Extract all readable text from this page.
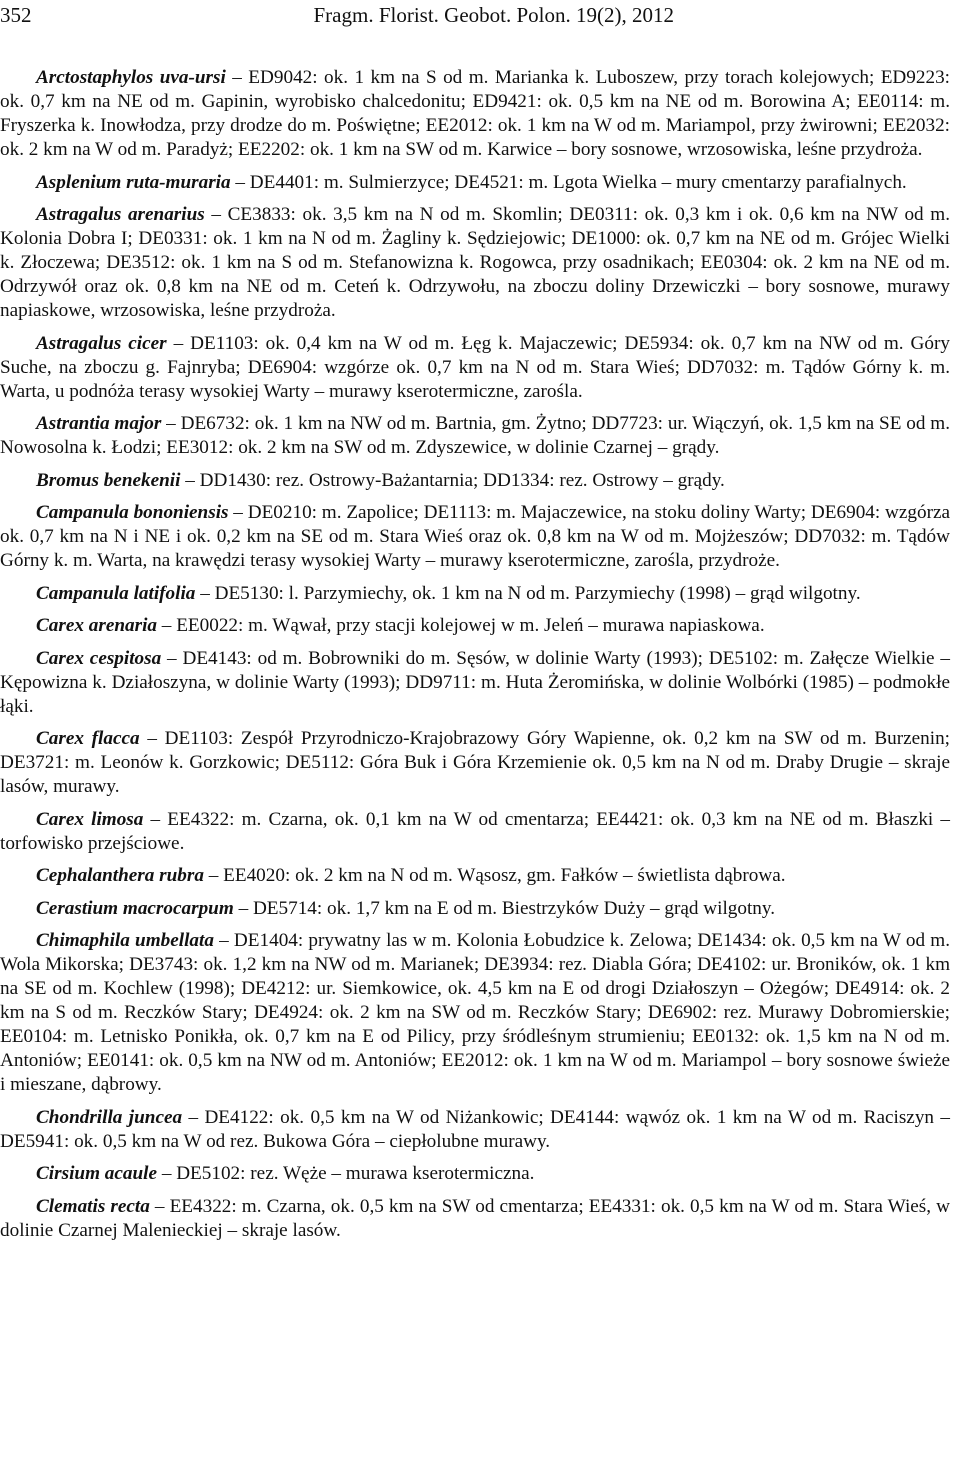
352	Fragm. Florist. Geobot. Polon. 19(2), 2012

Arctostaphylos uva-ursi – ED9042: ok. 1 km na S od m. Marianka k. Luboszew, przy torach kolejowych; ED9223: ok. 0,7 km na NE od m. Gapinin, wyrobisko chalcedonitu; ED9421: ok. 0,5 km na NE od m. Borowina A; EE0114: m. Fryszerka k. Inowłodza, przy drodze do m. Poświętne; EE2012: ok. 1 km na W od m. Mariampol, przy żwirowni; EE2032: ok. 2 km na W od m. Paradyż; EE2202: ok. 1 km na SW od m. Karwice – bory sosnowe, wrzosowiska, leśne przydroża.

Asplenium ruta-muraria – DE4401: m. Sulmierzyce; DE4521: m. Lgota Wielka – mury cmentarzy parafialnych.

Astragalus arenarius – CE3833: ok. 3,5 km na N od m. Skomlin; DE0311: ok. 0,3 km i ok. 0,6 km na NW od m. Kolonia Dobra I; DE0331: ok. 1 km na N od m. Żagliny k. Sędziejowic; DE1000: ok. 0,7 km na NE od m. Grójec Wielki k. Złoczewa; DE3512: ok. 1 km na S od m. Stefanowizna k. Rogowca, przy osadnikach; EE0304: ok. 2 km na NE od m. Odrzywół oraz ok. 0,8 km na NE od m. Ceteń k. Odrzywołu, na zboczu doliny Drzewiczki – bory sosnowe, murawy napiaskowe, wrzosowiska, leśne przydroża.

Astragalus cicer – DE1103: ok. 0,4 km na W od m. Łęg k. Majaczewic; DE5934: ok. 0,7 km na NW od m. Góry Suche, na zboczu g. Fajnryba; DE6904: wzgórze ok. 0,7 km na N od m. Stara Wieś; DD7032: m. Tądów Górny k. m. Warta, u podnóża terasy wysokiej Warty – murawy kserotermiczne, zarośla.

Astrantia major – DE6732: ok. 1 km na NW od m. Bartnia, gm. Żytno; DD7723: ur. Wiączyń, ok. 1,5 km na SE od m. Nowosolna k. Łodzi; EE3012: ok. 2 km na SW od m. Zdyszewice, w dolinie Czarnej – grądy.

Bromus benekenii – DD1430: rez. Ostrowy-Bażantarnia; DD1334: rez. Ostrowy – grądy.

Campanula bononiensis – DE0210: m. Zapolice; DE1113: m. Majaczewice, na stoku doliny Warty; DE6904: wzgórza ok. 0,7 km na N i NE i ok. 0,2 km na SE od m. Stara Wieś oraz ok. 0,8 km na W od m. Mojżeszów; DD7032: m. Tądów Górny k. m. Warta, na krawędzi terasy wysokiej Warty – murawy kserotermiczne, zarośla, przydroże.

Campanula latifolia – DE5130: l. Parzymiechy, ok. 1 km na N od m. Parzymiechy (1998) – grąd wilgotny.

Carex arenaria – EE0022: m. Wąwał, przy stacji kolejowej w m. Jeleń – murawa napiaskowa.

Carex cespitosa – DE4143: od m. Bobrowniki do m. Sęsów, w dolinie Warty (1993); DE5102: m. Załęcze Wielkie – Kępowizna k. Działoszyna, w dolinie Warty (1993); DD9711: m. Huta Żeromińska, w dolinie Wolbórki (1985) – podmokłe łąki.

Carex flacca – DE1103: Zespół Przyrodniczo-Krajobrazowy Góry Wapienne, ok. 0,2 km na SW od m. Burzenin; DE3721: m. Leonów k. Gorzkowic; DE5112: Góra Buk i Góra Krzemienie ok. 0,5 km na N od m. Draby Drugie – skraje lasów, murawy.

Carex limosa – EE4322: m. Czarna, ok. 0,1 km na W od cmentarza; EE4421: ok. 0,3 km na NE od m. Błaszki – torfowisko przejściowe.

Cephalanthera rubra – EE4020: ok. 2 km na N od m. Wąsosz, gm. Fałków – świetlista dąbrowa.

Cerastium macrocarpum – DE5714: ok. 1,7 km na E od m. Biestrzyków Duży – grąd wilgotny.

Chimaphila umbellata – DE1404: prywatny las w m. Kolonia Łobudzice k. Zelowa; DE1434: ok. 0,5 km na W od m. Wola Mikorska; DE3743: ok. 1,2 km na NW od m. Marianek; DE3934: rez. Diabla Góra; DE4102: ur. Broników, ok. 1 km na SE od m. Kochlew (1998); DE4212: ur. Siemkowice, ok. 4,5 km na E od drogi Działoszyn – Ożegów; DE4914: ok. 2 km na S od m. Reczków Stary; DE4924: ok. 2 km na SW od m. Reczków Stary; DE6902: rez. Murawy Dobromierskie; EE0104: m. Letnisko Ponikła, ok. 0,7 km na E od Pilicy, przy śródleśnym strumieniu; EE0132: ok. 1,5 km na N od m. Antoniów; EE0141: ok. 0,5 km na NW od m. Antoniów; EE2012: ok. 1 km na W od m. Mariampol – bory sosnowe świeże i mieszane, dąbrowy.

Chondrilla juncea – DE4122: ok. 0,5 km na W od Niżankowic; DE4144: wąwóz ok. 1 km na W od m. Raciszyn – DE5941: ok. 0,5 km na W od rez. Bukowa Góra – ciepłolubne murawy.

Cirsium acaule – DE5102: rez. Węże – murawa kserotermiczna.

Clematis recta – EE4322: m. Czarna, ok. 0,5 km na SW od cmentarza; EE4331: ok. 0,5 km na W od m. Stara Wieś, w dolinie Czarnej Malenieckiej – skraje lasów.
